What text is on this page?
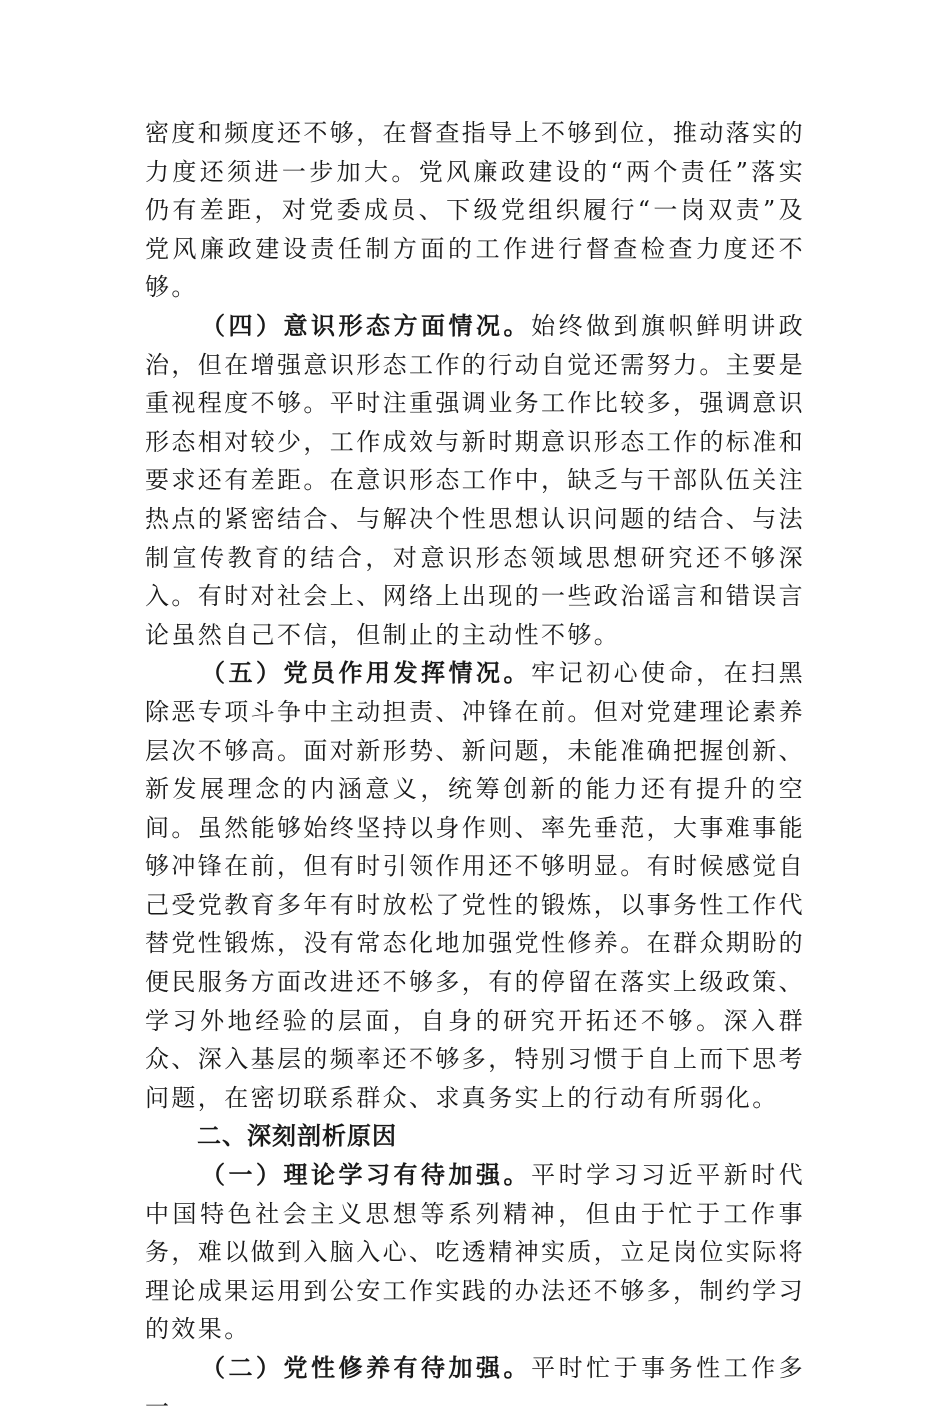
密度和频度还不够，在督查指导上不够到位，推动落实的力度还须进一步加大。党风廉政建设的“两个责任”落实仍有差距，对党委成员、下级党组织履行“一岗双责”及党风廉政建设责任制方面的工作进行督查检查力度还不够。

（四）意识形态方面情况。始终做到旗帜鲜明讲政治，但在增强意识形态工作的行动自觉还需努力。主要是重视程度不够。平时注重强调业务工作比较多，强调意识形态相对较少，工作成效与新时期意识形态工作的标准和要求还有差距。在意识形态工作中，缺乏与干部队伍关注热点的紧密结合、与解决个性思想认识问题的结合、与法制宣传教育的结合，对意识形态领域思想研究还不够深入。有时对社会上、网络上出现的一些政治谣言和错误言论虽然自己不信，但制止的主动性不够。

（五）党员作用发挥情况。牢记初心使命，在扫黑除恶专项斗争中主动担责、冲锋在前。但对党建理论素养层次不够高。面对新形势、新问题，未能准确把握创新、新发展理念的内涵意义，统筹创新的能力还有提升的空间。虽然能够始终坚持以身作则、率先垂范，大事难事能够冲锋在前，但有时引领作用还不够明显。有时候感觉自己受党教育多年有时放松了党性的锻炼，以事务性工作代替党性锻炼，没有常态化地加强党性修养。在群众期盼的便民服务方面改进还不够多，有的停留在落实上级政策、学习外地经验的层面，自身的研究开拓还不够。深入群众、深入基层的频率还不够多，特别习惯于自上而下思考问题，在密切联系群众、求真务实上的行动有所弱化。

二、深刻剖析原因

（一）理论学习有待加强。平时学习习近平新时代中国特色社会主义思想等系列精神，但由于忙于工作事务，难以做到入脑入心、吃透精神实质，立足岗位实际将理论成果运用到公安工作实践的办法还不够多，制约学习的效果。

（二）党性修养有待加强。平时忙于事务性工作多一
